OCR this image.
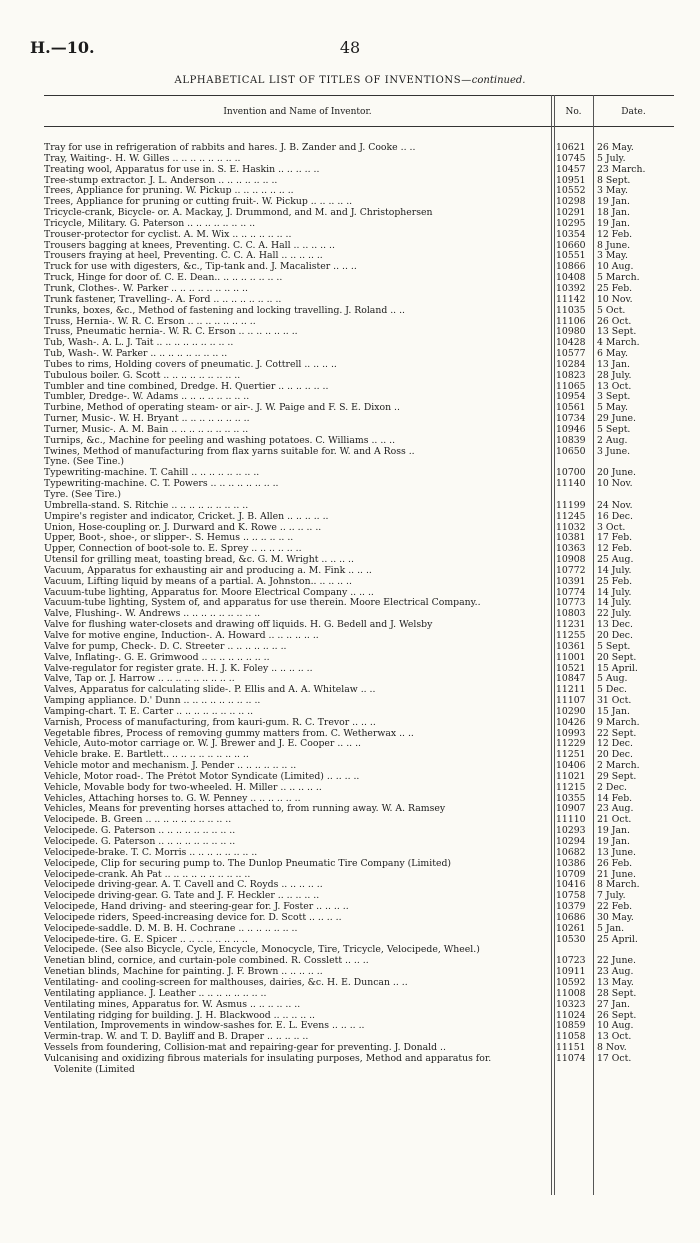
H.—10.	48
ALPHABETICAL LIST OF TITLES OF INVENTIONS—continued.
Invention and Name of Inventor.	No.	Date.
Tray for use in refrigeration of rabbits and hares. J. B. Zander and J. Cooke .. ..	10621	26 May.
Tray, Waiting-. H. W. Gilles .. .. .. .. .. .. .. ..	10745	5 July.
Treating wool, Apparatus for use in. S. E. Haskin .. .. .. .. ..	10457	23 March.
Tree-stump extractor. J. L. Anderson .. .. .. .. .. .. ..	10951	8 Sept.
Trees, Appliance for pruning. W. Pickup .. .. .. .. .. .. ..	10552	3 May.
Trees, Appliance for pruning or cutting fruit-. W. Pickup .. .. .. .. ..	10298	19 Jan.
Tricycle-crank, Bicycle- or. A. Mackay, J. Drummond, and M. and J. Christophersen	10291	18 Jan.
Tricycle, Military. G. Paterson .. .. .. .. .. .. .. ..	10295	19 Jan.
Trouser-protector for cyclist. A. M. Wix .. .. .. .. .. .. ..	10354	12 Feb.
Trousers bagging at knees, Preventing. C. C. A. Hall .. .. .. .. ..	10660	8 June.
Trousers fraying at heel, Preventing. C. C. A. Hall .. .. .. .. ..	10551	3 May.
Truck for use with digesters, &c., Tip-tank and. J. Macalister .. .. ..	10866	10 Aug.
Truck, Hinge for door of. C. E. Dean.. .. .. .. .. .. .. ..	10408	5 March.
Trunk, Clothes-. W. Parker .. .. .. .. .. .. .. .. ..	10392	25 Feb.
Trunk fastener, Travelling-. A. Ford .. .. .. .. .. .. .. ..	11142	10 Nov.
Trunks, boxes, &c., Method of fastening and locking travelling. J. Roland .. ..	11035	5 Oct.
Truss, Hernia-. W. R. C. Erson .. .. .. .. .. .. .. ..	11106	26 Oct.
Truss, Pneumatic hernia-. W. R. C. Erson .. .. .. .. .. .. ..	10980	13 Sept.
Tub, Wash-. A. L. J. Tait .. .. .. .. .. .. .. .. ..	10428	4 March.
Tub, Wash-. W. Parker .. .. .. .. .. .. .. .. ..	10577	6 May.
Tubes to rims, Holding covers of pneumatic. J. Cottrell .. .. .. ..	10284	13 Jan.
Tubulous boiler. G. Scott .. .. .. .. .. .. .. .. ..	10823	28 July.
Tumbler and tine combined, Dredge. H. Quertier .. .. .. .. .. ..	11065	13 Oct.
Tumbler, Dredge-. W. Adams .. .. .. .. .. .. .. ..	10954	3 Sept.
Turbine, Method of operating steam- or air-. J. W. Paige and F. S. E. Dixon ..	10561	5 May.
Turner, Music-. W. H. Bryant .. .. .. .. .. .. .. ..	10734	29 June.
Turner, Music-. A. M. Bain .. .. .. .. .. .. .. .. ..	10946	5 Sept.
Turnips, &c., Machine for peeling and washing potatoes. C. Williams .. .. ..	10839	2 Aug.
Twines, Method of manufacturing from flax yarns suitable for. W. and A Ross ..	10650	3 June.
Tyne. (See Tine.)
Typewriting-machine. T. Cahill .. .. .. .. .. .. .. ..	10700	20 June.
Typewriting-machine. C. T. Powers .. .. .. .. .. .. .. ..	11140	10 Nov.
Tyre. (See Tire.)
Umbrella-stand. S. Ritchie .. .. .. .. .. .. .. .. ..	11199	24 Nov.
Umpire's register and indicator, Cricket. J. B. Allen .. .. .. .. ..	11245	16 Dec.
Union, Hose-coupling or. J. Durward and K. Rowe .. .. .. .. ..	11032	3 Oct.
Upper, Boot-, shoe-, or slipper-. S. Hemus .. .. .. .. .. ..	10381	17 Feb.
Upper, Connection of boot-sole to. E. Sprey .. .. .. .. .. ..	10363	12 Feb.
Utensil for grilling meat, toasting bread, &c. G. M. Wright .. .. .. ..	10908	25 Aug.
Vacuum, Apparatus for exhausting air and producing a. M. Fink .. .. ..	10772	14 July.
Vacuum, Lifting liquid by means of a partial. A. Johnston.. .. .. .. ..	10391	25 Feb.
Vacuum-tube lighting, Apparatus for. Moore Electrical Company .. .. ..	10774	14 July.
Vacuum-tube lighting, System of, and apparatus for use therein. Moore Electrical Company..	10773	14 July.
Valve, Flushing-. W. Andrews .. .. .. .. .. .. .. .. ..	10803	22 July.
Valve for flushing water-closets and drawing off liquids. H. G. Bedell and J. Welsby	11231	13 Dec.
Valve for motive engine, Induction-. A. Howard .. .. .. .. .. ..	11255	20 Dec.
Valve for pump, Check-. D. C. Streeter .. .. .. .. .. .. ..	10361	5 Sept.
Valve, Inflating-. G. E. Grimwood .. .. .. .. .. .. .. ..	11001	20 Sept.
Valve-regulator for register grate. H. J. K. Foley .. .. .. .. ..	10521	15 April.
Valve, Tap or. J. Harrow .. .. .. .. .. .. .. .. ..	10847	5 Aug.
Valves, Apparatus for calculating slide-. P. Ellis and A. A. Whitelaw .. ..	11211	5 Dec.
Vamping appliance. D.' Dunn .. .. .. .. .. .. .. .. ..	11107	31 Oct.
Vamping-chart. T. E. Carter .. .. .. .. .. .. .. .. ..	10290	15 Jan.
Varnish, Process of manufacturing, from kauri-gum. R. C. Trevor .. .. ..	10426	9 March.
Vegetable fibres, Process of removing gummy matters from. C. Wetherwax .. ..	10993	22 Sept.
Vehicle, Auto-motor carriage or. W. J. Brewer and J. E. Cooper .. .. ..	11229	12 Dec.
Vehicle brake. E. Bartlett.. .. .. .. .. .. .. .. .. ..	11251	20 Dec.
Vehicle motor and mechanism. J. Pender .. .. .. .. .. .. ..	10406	2 March.
Vehicle, Motor road-. The Prétot Motor Syndicate (Limited) .. .. .. ..	11021	29 Sept.
Vehicle, Movable body for two-wheeled. H. Miller .. .. .. .. ..	11215	2 Dec.
Vehicles, Attaching horses to. G. W. Penney .. .. .. .. .. ..	10355	14 Feb.
Vehicles, Means for preventing horses attached to, from running away. W. A. Ramsey	10907	23 Aug.
Velocipede. B. Green .. .. .. .. .. .. .. .. .. ..	11110	21 Oct.
Velocipede. G. Paterson .. .. .. .. .. .. .. .. ..	10293	19 Jan.
Velocipede. G. Paterson .. .. .. .. .. .. .. .. ..	10294	19 Jan.
Velocipede-brake. T. C. Morris .. .. .. .. .. .. .. ..	10682	13 June.
Velocipede, Clip for securing pump to. The Dunlop Pneumatic Tire Company (Limited)	10386	26 Feb.
Velocipede-crank. Ah Pat .. .. .. .. .. .. .. .. .. ..	10709	21 June.
Velocipede driving-gear. A. T. Cavell and C. Royds .. .. .. .. ..	10416	8 March.
Velocipede driving-gear. G. Tate and J. F. Heckler .. .. .. .. ..	10758	7 July.
Velocipede, Hand driving- and steering-gear for. J. Foster .. .. .. ..	10379	22 Feb.
Velocipede riders, Speed-increasing device for. D. Scott .. .. .. ..	10686	30 May.
Velocipede-saddle. D. M. B. H. Cochrane .. .. .. .. .. .. ..	10261	5 Jan.
Velocipede-tire. G. E. Spicer .. .. .. .. .. .. .. ..	10530	25 April.
Velocipede. (See also Bicycle, Cycle, Encycle, Monocycle, Tire, Tricycle, Velocipede, Wheel.)
Venetian blind, cornice, and curtain-pole combined. R. Cosslett .. .. ..	10723	22 June.
Venetian blinds, Machine for painting. J. F. Brown .. .. .. .. ..	10911	23 Aug.
Ventilating- and cooling-screen for malthouses, dairies, &c. H. E. Duncan .. ..	10592	13 May.
Ventilating appliance. J. Leather .. .. .. .. .. .. .. ..	11008	28 Sept.
Ventilating mines, Apparatus for. W. Asmus .. .. .. .. .. ..	10323	27 Jan.
Ventilating ridging for building. J. H. Blackwood .. .. .. .. ..	11024	26 Sept.
Ventilation, Improvements in window-sashes for. E. L. Evens .. .. .. ..	10859	10 Aug.
Vermin-trap. W. and T. D. Bayliff and B. Draper .. .. .. .. ..	11058	13 Oct.
Vessels from foundering, Collision-mat and repairing-gear for preventing. J. Donald ..	11151	8 Nov.
Vulcanising and oxidizing fibrous materials for insulating purposes, Method and apparatus for.	11074	17 Oct.
Volenite (Limited
